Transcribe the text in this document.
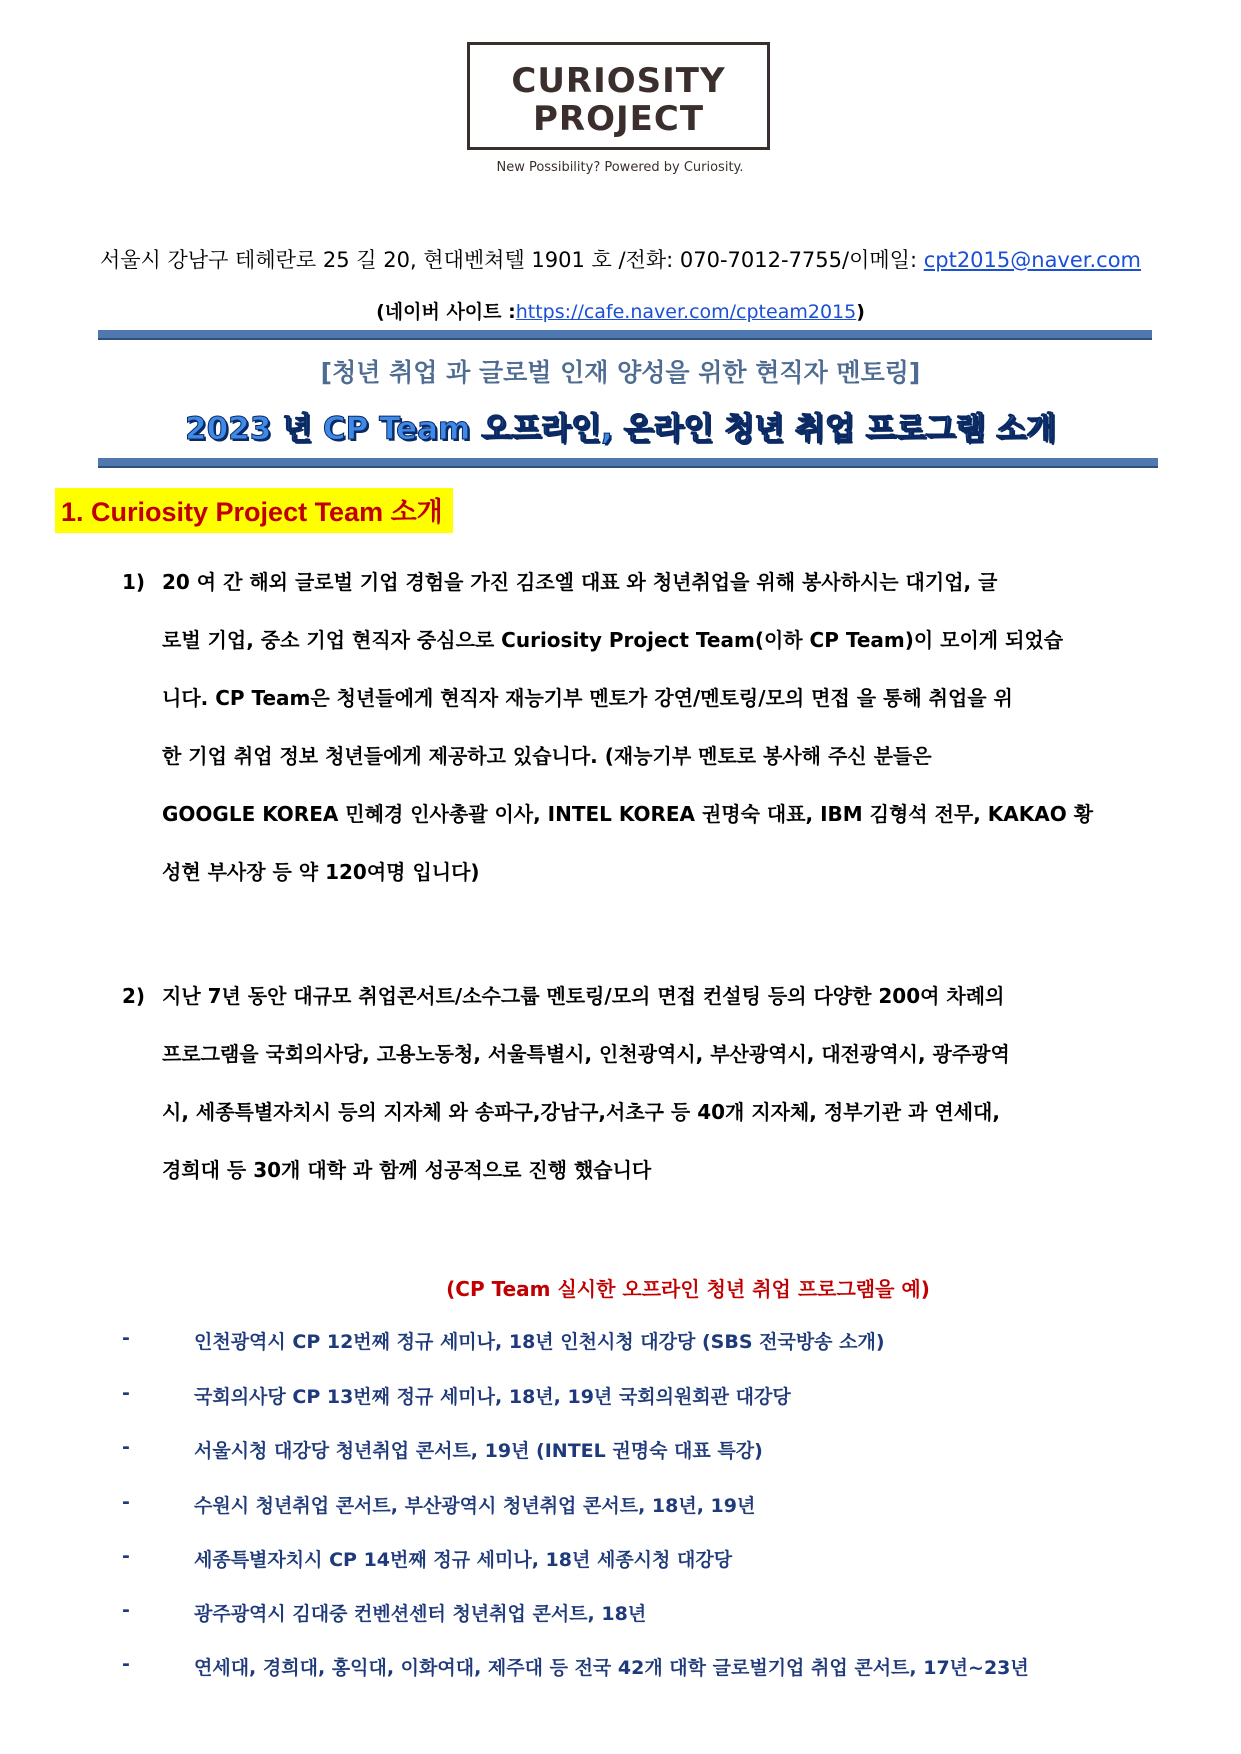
CURIOSITY
PROJECT
New Possibility? Powered by Curiosity.
서울시 강남구 테헤란로 25 길 20, 현대벤쳐텔 1901 호 /전화: 070-7012-7755/이메일: cpt2015@naver.com
(네이버 사이트 :https://cafe.naver.com/cpteam2015)
[청년 취업 과 글로벌 인재 양성을 위한 현직자 멘토링]
2023 년 CP Team 오프라인, 온라인 청년 취업 프로그램 소개
1. Curiosity Project Team 소개
1) 20 여 간 해외 글로벌 기업 경험을 가진 김조엘 대표 와 청년취업을 위해 봉사하시는 대기업, 글
로벌 기업, 중소 기업 현직자 중심으로 Curiosity Project Team(이하 CP Team)이 모이게 되었습
니다. CP Team은 청년들에게 현직자 재능기부 멘토가 강연/멘토링/모의 면접 을 통해 취업을 위
한 기업 취업 정보 청년들에게 제공하고 있습니다. (재능기부 멘토로 봉사해 주신 분들은
GOOGLE KOREA 민혜경 인사총괄 이사, INTEL KOREA 권명숙 대표, IBM 김형석 전무, KAKAO 황
성현 부사장 등 약 120여명 입니다)
2) 지난 7년 동안 대규모 취업콘서트/소수그룹 멘토링/모의 면접 컨설팅 등의 다양한 200여 차례의
프로그램을 국회의사당, 고용노동청, 서울특별시, 인천광역시, 부산광역시, 대전광역시, 광주광역
시, 세종특별자치시 등의 지자체 와 송파구,강남구,서초구 등 40개 지자체, 정부기관 과 연세대,
경희대 등 30개 대학 과 함께 성공적으로 진행 했습니다
(CP Team 실시한 오프라인 청년 취업 프로그램을 예)
-	인천광역시 CP 12번째 정규 세미나, 18년 인천시청 대강당 (SBS 전국방송 소개)
-	국회의사당 CP 13번째 정규 세미나, 18년, 19년 국회의원회관 대강당
-	서울시청 대강당 청년취업 콘서트, 19년 (INTEL 권명숙 대표 특강)
-	수원시 청년취업 콘서트, 부산광역시 청년취업 콘서트, 18년, 19년
-	세종특별자치시 CP 14번째 정규 세미나, 18년 세종시청 대강당
-	광주광역시 김대중 컨벤션센터 청년취업 콘서트, 18년
-	연세대, 경희대, 홍익대, 이화여대, 제주대 등 전국 42개 대학 글로벌기업 취업 콘서트, 17년~23년
